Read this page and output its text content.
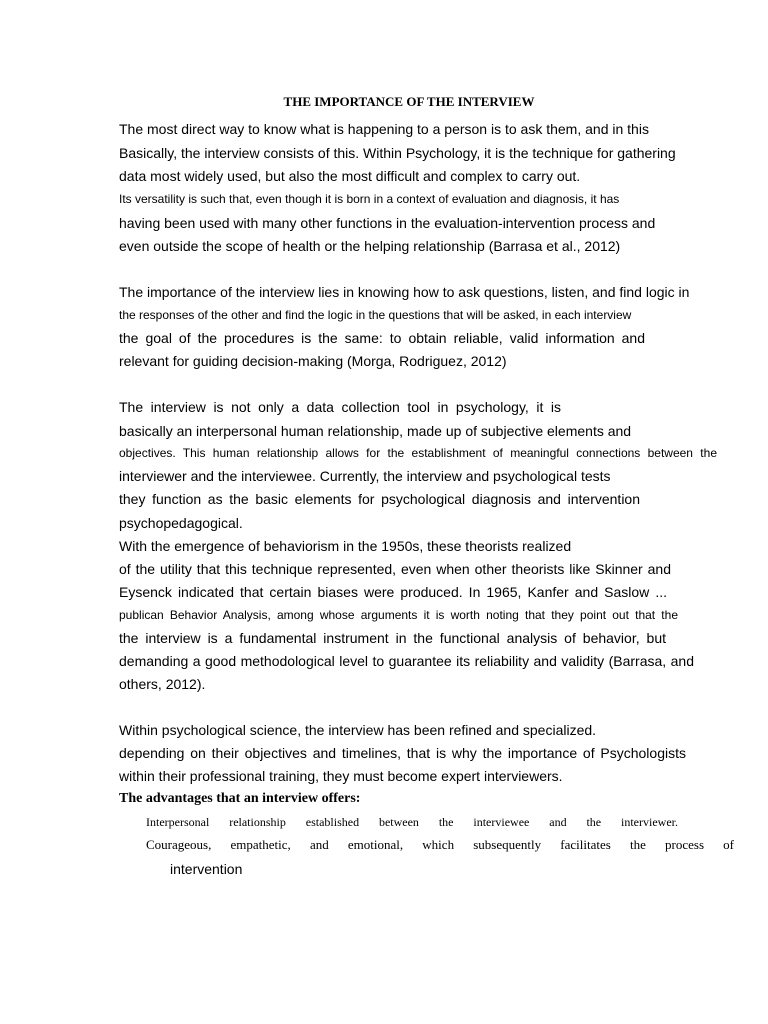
THE IMPORTANCE OF THE INTERVIEW
The most direct way to know what is happening to a person is to ask them, and in this
Basically, the interview consists of this. Within Psychology, it is the technique for gathering
data most widely used, but also the most difficult and complex to carry out.
Its versatility is such that, even though it is born in a context of evaluation and diagnosis, it has
having been used with many other functions in the evaluation-intervention process and
even outside the scope of health or the helping relationship (Barrasa et al., 2012)
The importance of the interview lies in knowing how to ask questions, listen, and find logic in
the responses of the other and find the logic in the questions that will be asked, in each interview
the goal of the procedures is the same: to obtain reliable, valid information and
relevant for guiding decision-making (Morga, Rodriguez, 2012)
The interview is not only a data collection tool in psychology, it is
basically an interpersonal human relationship, made up of subjective elements and
objectives. This human relationship allows for the establishment of meaningful connections between the
interviewer and the interviewee. Currently, the interview and psychological tests
they function as the basic elements for psychological diagnosis and intervention
psychopedagogical.
With the emergence of behaviorism in the 1950s, these theorists realized
of the utility that this technique represented, even when other theorists like Skinner and
Eysenck indicated that certain biases were produced. In 1965, Kanfer and Saslow ...
publican Behavior Analysis, among whose arguments it is worth noting that they point out that the
the interview is a fundamental instrument in the functional analysis of behavior, but
demanding a good methodological level to guarantee its reliability and validity (Barrasa, and
others, 2012).
Within psychological science, the interview has been refined and specialized.
depending on their objectives and timelines, that is why the importance of Psychologists
within their professional training, they must become expert interviewers.
The advantages that an interview offers:
Interpersonal relationship established between the interviewee and the interviewer.
Courageous, empathetic, and emotional, which subsequently facilitates the process of
intervention
